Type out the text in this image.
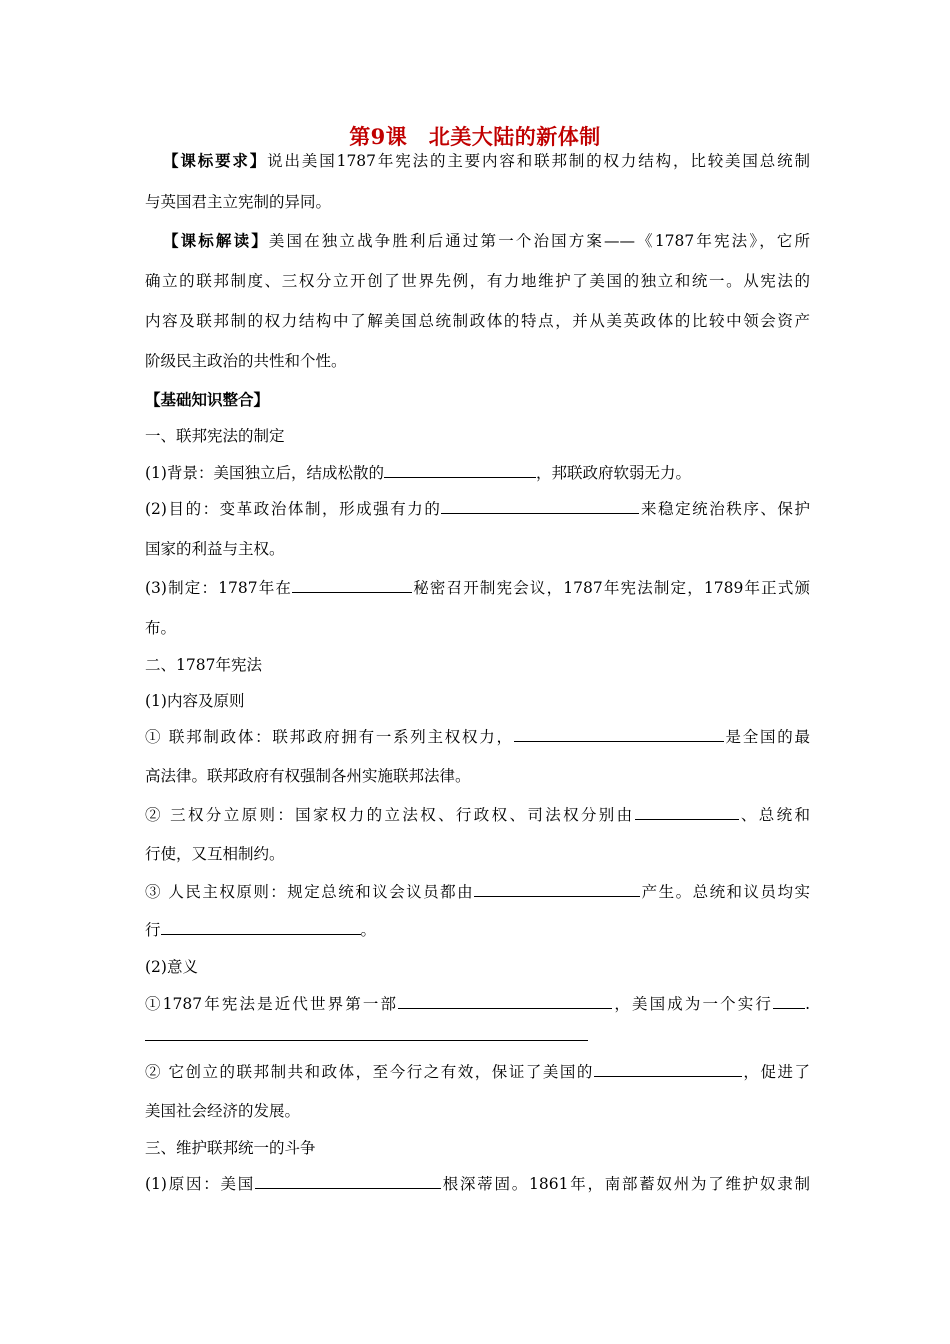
第9课　北美大陆的新体制
【课标要求】说出美国1787年宪法的主要内容和联邦制的权力结构，比较美国总统制
与英国君主立宪制的异同。
【课标解读】美国在独立战争胜利后通过第一个治国方案——《1787年宪法》，它所
确立的联邦制度、三权分立开创了世界先例，有力地维护了美国的独立和统一。从宪法的
内容及联邦制的权力结构中了解美国总统制政体的特点，并从美英政体的比较中领会资产
阶级民主政治的共性和个性。
【基础知识整合】
一、联邦宪法的制定
(1)背景：美国独立后，结成松散的	，邦联政府软弱无力。
(2)目的：变革政治体制，形成强有力的	来稳定统治秩序、保护
国家的利益与主权。
(3)制定：1787年在	秘密召开制宪会议，1787年宪法制定，1789年正式颁
布。
二、1787年宪法
(1)内容及原则
① 联邦制政体：联邦政府拥有一系列主权权力，	是全国的最
高法律。联邦政府有权强制各州实施联邦法律。
② 三权分立原则：国家权力的立法权、行政权、司法权分别由	、总统和
行使，又互相制约。
③ 人民主权原则：规定总统和议会议员都由	产生。总统和议员均实
行	。
(2)意义
①1787年宪法是近代世界第一部	，美国成为一个实行 .
② 它创立的联邦制共和政体，至今行之有效，保证了美国的	，促进了
美国社会经济的发展。
三、维护联邦统一的斗争
(1)原因：美国	根深蒂固。1861年，南部蓄奴州为了维护奴隶制
